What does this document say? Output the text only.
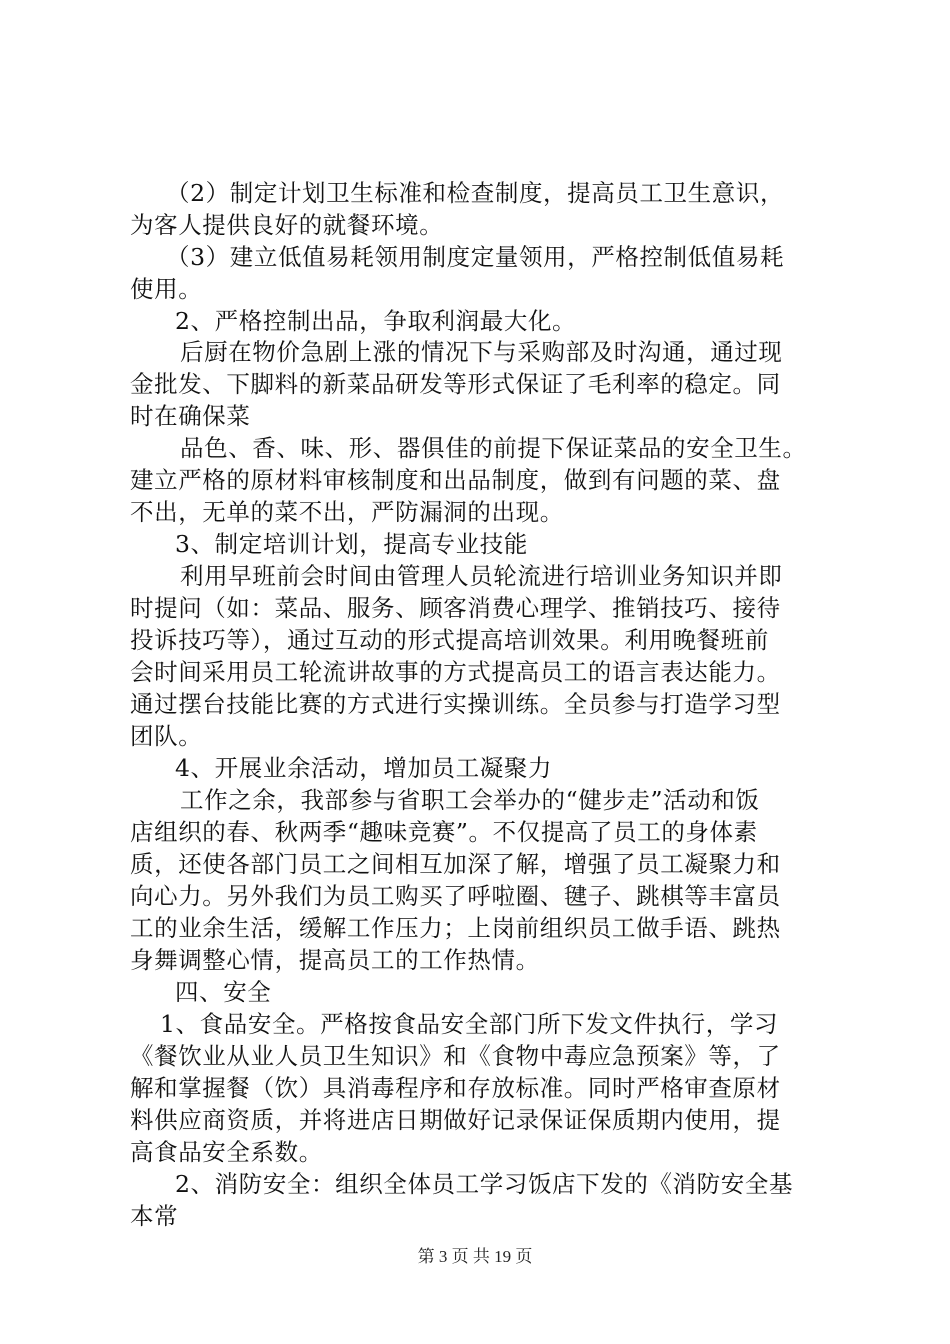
（2）制定计划卫生标准和检查制度，提高员工卫生意识，
为客人提供良好的就餐环境。
（3）建立低值易耗领用制度定量领用，严格控制低值易耗
使用。
2、严格控制出品，争取利润最大化。
后厨在物价急剧上涨的情况下与采购部及时沟通，通过现
金批发、下脚料的新菜品研发等形式保证了毛利率的稳定。同
时在确保菜
品色、香、味、形、器俱佳的前提下保证菜品的安全卫生。
建立严格的原材料审核制度和出品制度，做到有问题的菜、盘
不出，无单的菜不出，严防漏洞的出现。
3、制定培训计划，提高专业技能
利用早班前会时间由管理人员轮流进行培训业务知识并即
时提问（如：菜品、服务、顾客消费心理学、推销技巧、接待
投诉技巧等），通过互动的形式提高培训效果。利用晚餐班前
会时间采用员工轮流讲故事的方式提高员工的语言表达能力。
通过摆台技能比赛的方式进行实操训练。全员参与打造学习型
团队。
4、开展业余活动，增加员工凝聚力
工作之余，我部参与省职工会举办的“健步走”活动和饭
店组织的春、秋两季“趣味竞赛”。不仅提高了员工的身体素
质，还使各部门员工之间相互加深了解，增强了员工凝聚力和
向心力。另外我们为员工购买了呼啦圈、毽子、跳棋等丰富员
工的业余生活，缓解工作压力；上岗前组织员工做手语、跳热
身舞调整心情，提高员工的工作热情。
四、安全
1、食品安全。严格按食品安全部门所下发文件执行，学习
《餐饮业从业人员卫生知识》和《食物中毒应急预案》等，了
解和掌握餐（饮）具消毒程序和存放标准。同时严格审查原材
料供应商资质，并将进店日期做好记录保证保质期内使用，提
高食品安全系数。
2、消防安全：组织全体员工学习饭店下发的《消防安全基
本常
第 3 页 共 19 页
